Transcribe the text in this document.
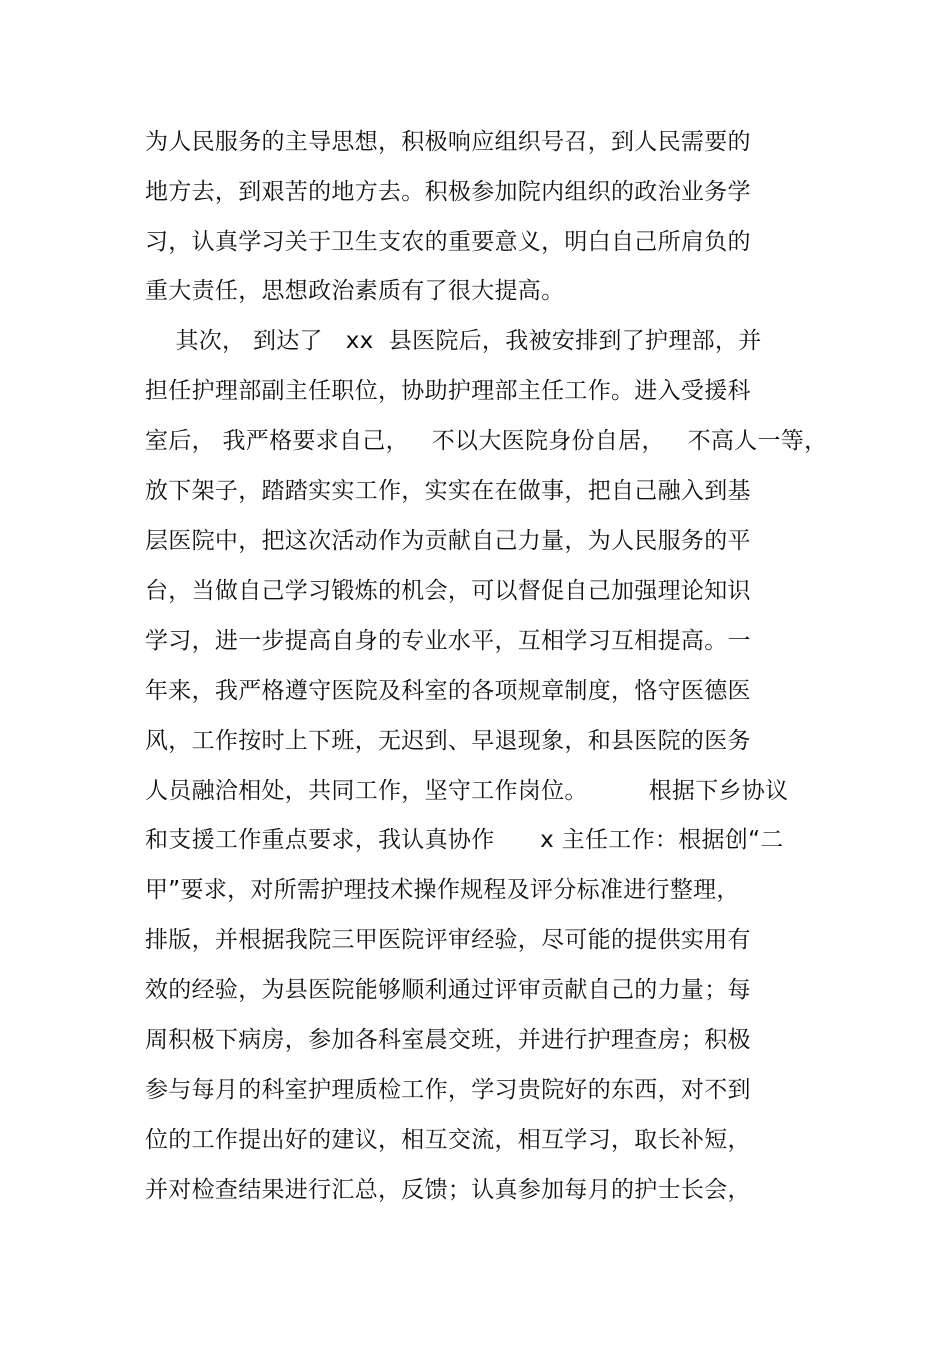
为人民服务的主导思想，积极响应组织号召，到人民需要的
地方去，到艰苦的地方去。积极参加院内组织的政治业务学
习，认真学习关于卫生支农的重要意义，明白自己所肩负的
重大责任，思想政治素质有了很大提高。
其次， 到达了   xx  县医院后，我被安排到了护理部，并
担任护理部副主任职位，协助护理部主任工作。进入受援科
室后， 我严格要求自己，   不以大医院身份自居，   不高人一等，
放下架子，踏踏实实工作，实实在在做事，把自己融入到基
层医院中，把这次活动作为贡献自己力量，为人民服务的平
台，当做自己学习锻炼的机会，可以督促自己加强理论知识
学习，进一步提高自身的专业水平，互相学习互相提高。一
年来，我严格遵守医院及科室的各项规章制度，恪守医德医
风，工作按时上下班，无迟到、早退现象，和县医院的医务
人员融洽相处，共同工作，坚守工作岗位。        根据下乡协议
和支援工作重点要求，我认真协作      x 主任工作：根据创“二
甲”要求，对所需护理技术操作规程及评分标准进行整理，
排版，并根据我院三甲医院评审经验，尽可能的提供实用有
效的经验，为县医院能够顺利通过评审贡献自己的力量；每
周积极下病房，参加各科室晨交班，并进行护理查房；积极
参与每月的科室护理质检工作，学习贵院好的东西，对不到
位的工作提出好的建议，相互交流，相互学习，取长补短，
并对检查结果进行汇总，反馈；认真参加每月的护士长会，
